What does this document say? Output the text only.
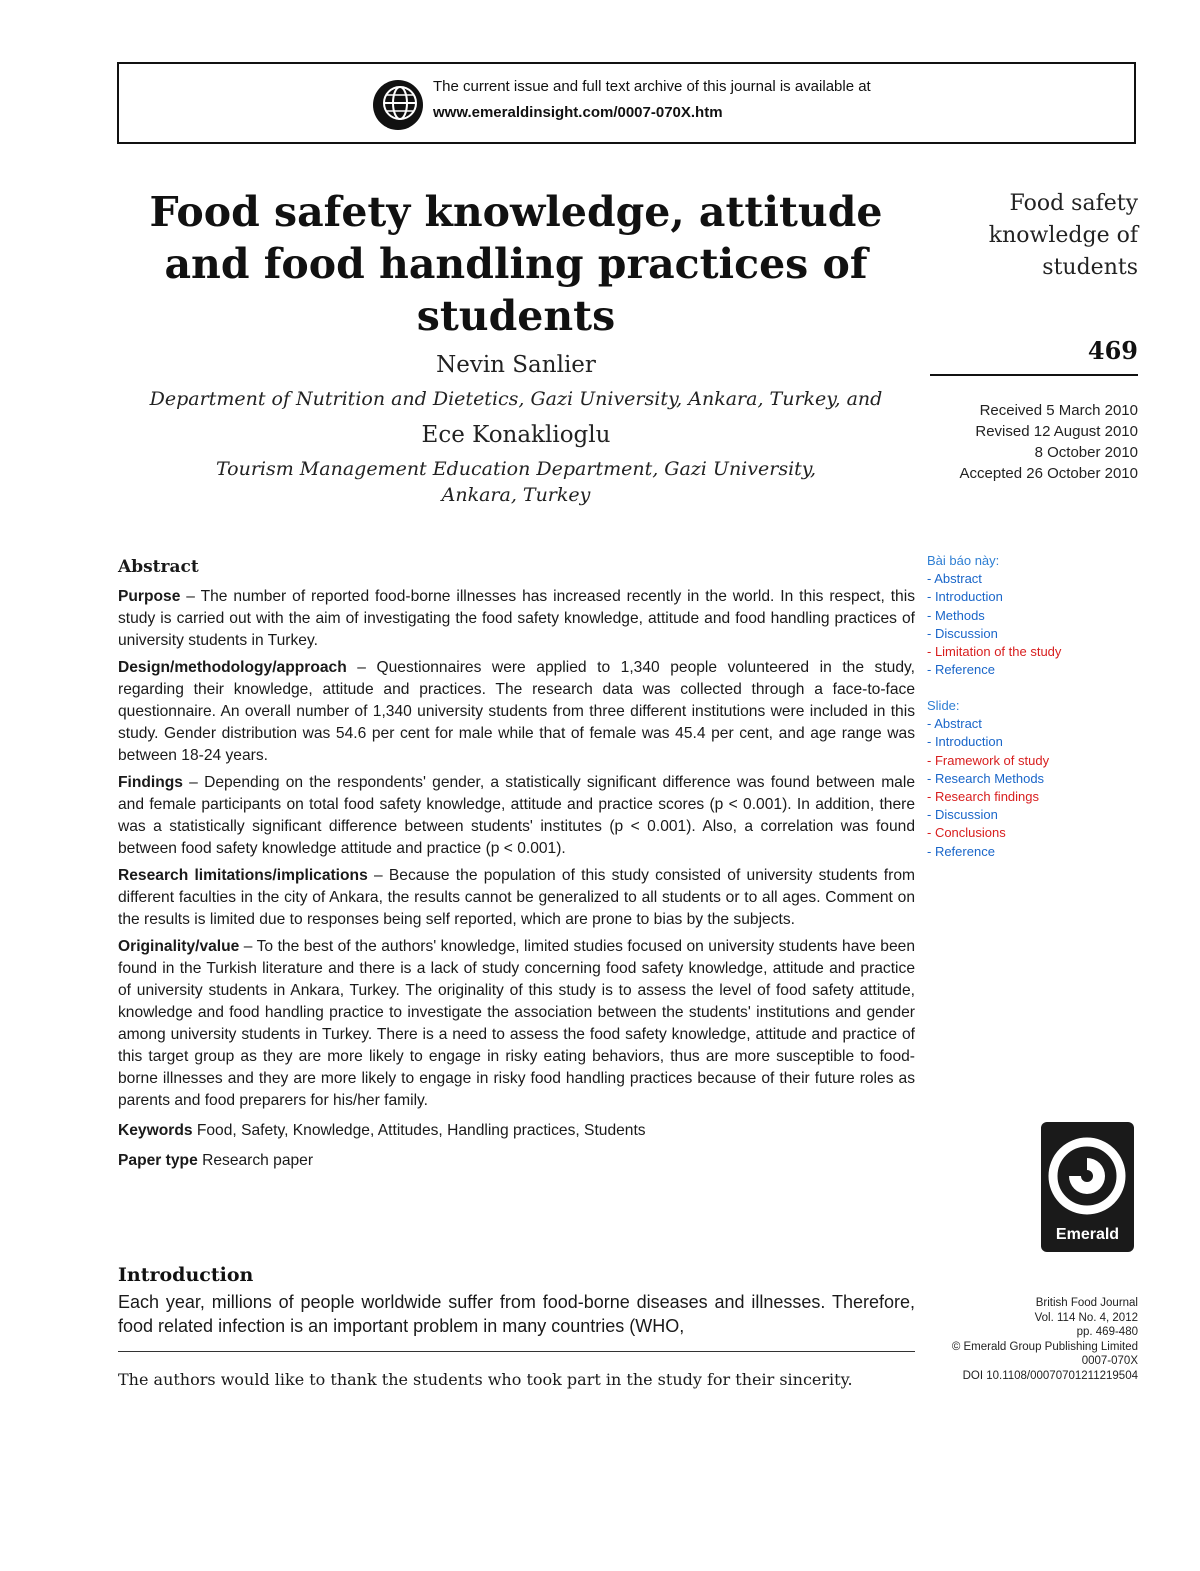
The current issue and full text archive of this journal is available at
www.emeraldinsight.com/0007-070X.htm
Food safety knowledge, attitude and food handling practices of students
Nevin Sanlier
Department of Nutrition and Dietetics, Gazi University, Ankara, Turkey, and
Ece Konaklioglu
Tourism Management Education Department, Gazi University,
Ankara, Turkey
Food safety
knowledge of
students
469
Received 5 March 2010
Revised 12 August 2010
8 October 2010
Accepted 26 October 2010
Bài báo này:
- Abstract
- Introduction
- Methods
- Discussion
- Limitation of the study
- Reference
Slide:
- Abstract
- Introduction
- Framework of study
- Research Methods
- Research findings
- Discussion
- Conclusions
- Reference
Abstract

Purpose – The number of reported food-borne illnesses has increased recently in the world. In this respect, this study is carried out with the aim of investigating the food safety knowledge, attitude and food handling practices of university students in Turkey.

Design/methodology/approach – Questionnaires were applied to 1,340 people volunteered in the study, regarding their knowledge, attitude and practices. The research data was collected through a face-to-face questionnaire. An overall number of 1,340 university students from three different institutions were included in this study. Gender distribution was 54.6 per cent for male while that of female was 45.4 per cent, and age range was between 18-24 years.

Findings – Depending on the respondents' gender, a statistically significant difference was found between male and female participants on total food safety knowledge, attitude and practice scores (p < 0.001). In addition, there was a statistically significant difference between students' institutes (p < 0.001). Also, a correlation was found between food safety knowledge attitude and practice (p < 0.001).

Research limitations/implications – Because the population of this study consisted of university students from different faculties in the city of Ankara, the results cannot be generalized to all students or to all ages. Comment on the results is limited due to responses being self reported, which are prone to bias by the subjects.

Originality/value – To the best of the authors' knowledge, limited studies focused on university students have been found in the Turkish literature and there is a lack of study concerning food safety knowledge, attitude and practice of university students in Ankara, Turkey. The originality of this study is to assess the level of food safety attitude, knowledge and food handling practice to investigate the association between the students' institutions and gender among university students in Turkey. There is a need to assess the food safety knowledge, attitude and practice of this target group as they are more likely to engage in risky eating behaviors, thus are more susceptible to food-borne illnesses and they are more likely to engage in risky food handling practices because of their future roles as parents and food preparers for his/her family.

Keywords Food, Safety, Knowledge, Attitudes, Handling practices, Students

Paper type Research paper

Introduction
Each year, millions of people worldwide suffer from food-borne diseases and illnesses. Therefore, food related infection is an important problem in many countries (WHO,
The authors would like to thank the students who took part in the study for their sincerity.
Emerald
British Food Journal
Vol. 114 No. 4, 2012
pp. 469-480
© Emerald Group Publishing Limited
0007-070X
DOI 10.1108/00070701211219504
